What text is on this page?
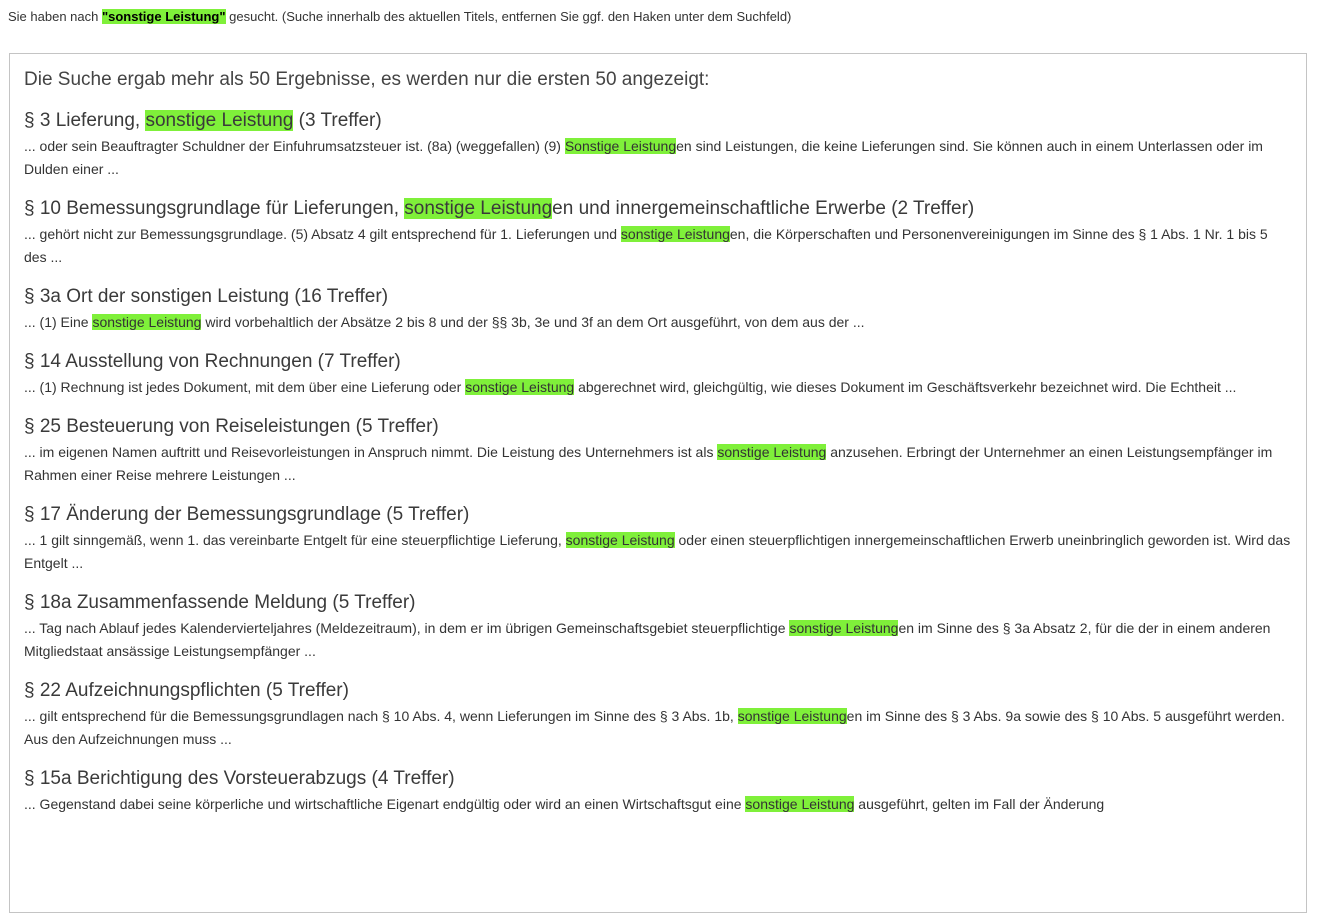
Sie haben nach "sonstige Leistung" gesucht. (Suche innerhalb des aktuellen Titels, entfernen Sie ggf. den Haken unter dem Suchfeld)

Die Suche ergab mehr als 50 Ergebnisse, es werden nur die ersten 50 angezeigt:

§ 3 Lieferung, sonstige Leistung (3 Treffer)

... oder sein Beauftragter Schuldner der Einfuhrumsatzsteuer ist. (8a) (weggefallen) (9) Sonstige Leistungen sind Leistungen, die keine Lieferungen sind. Sie können auch in einem Unterlassen oder im Dulden einer ...

§ 10 Bemessungsgrundlage für Lieferungen, sonstige Leistungen und innergemeinschaftliche Erwerbe (2 Treffer)

... gehört nicht zur Bemessungsgrundlage. (5) Absatz 4 gilt entsprechend für 1. Lieferungen und sonstige Leistungen, die Körperschaften und Personenvereinigungen im Sinne des § 1 Abs. 1 Nr. 1 bis 5 des ...

§ 3a Ort der sonstigen Leistung (16 Treffer)

... (1) Eine sonstige Leistung wird vorbehaltlich der Absätze 2 bis 8 und der §§ 3b, 3e und 3f an dem Ort ausgeführt, von dem aus der ...

§ 14 Ausstellung von Rechnungen (7 Treffer)

... (1) Rechnung ist jedes Dokument, mit dem über eine Lieferung oder sonstige Leistung abgerechnet wird, gleichgültig, wie dieses Dokument im Geschäftsverkehr bezeichnet wird. Die Echtheit ...

§ 25 Besteuerung von Reiseleistungen (5 Treffer)

... im eigenen Namen auftritt und Reisevorleistungen in Anspruch nimmt. Die Leistung des Unternehmers ist als sonstige Leistung anzusehen. Erbringt der Unternehmer an einen Leistungsempfänger im Rahmen einer Reise mehrere Leistungen ...

§ 17 Änderung der Bemessungsgrundlage (5 Treffer)

... 1 gilt sinngemäß, wenn 1. das vereinbarte Entgelt für eine steuerpflichtige Lieferung, sonstige Leistung oder einen steuerpflichtigen innergemeinschaftlichen Erwerb uneinbringlich geworden ist. Wird das Entgelt ...

§ 18a Zusammenfassende Meldung (5 Treffer)

... Tag nach Ablauf jedes Kalendervierteljahres (Meldezeitraum), in dem er im übrigen Gemeinschaftsgebiet steuerpflichtige sonstige Leistungen im Sinne des § 3a Absatz 2, für die der in einem anderen Mitgliedstaat ansässige Leistungsempfänger ...

§ 22 Aufzeichnungspflichten (5 Treffer)

... gilt entsprechend für die Bemessungsgrundlagen nach § 10 Abs. 4, wenn Lieferungen im Sinne des § 3 Abs. 1b, sonstige Leistungen im Sinne des § 3 Abs. 9a sowie des § 10 Abs. 5 ausgeführt werden. Aus den Aufzeichnungen muss ...

§ 15a Berichtigung des Vorsteuerabzugs (4 Treffer)

... Gegenstand dabei seine körperliche und wirtschaftliche Eigenart endgültig oder wird an einen Wirtschaftsgut eine sonstige Leistung ausgeführt, gelten im Fall der Änderung
